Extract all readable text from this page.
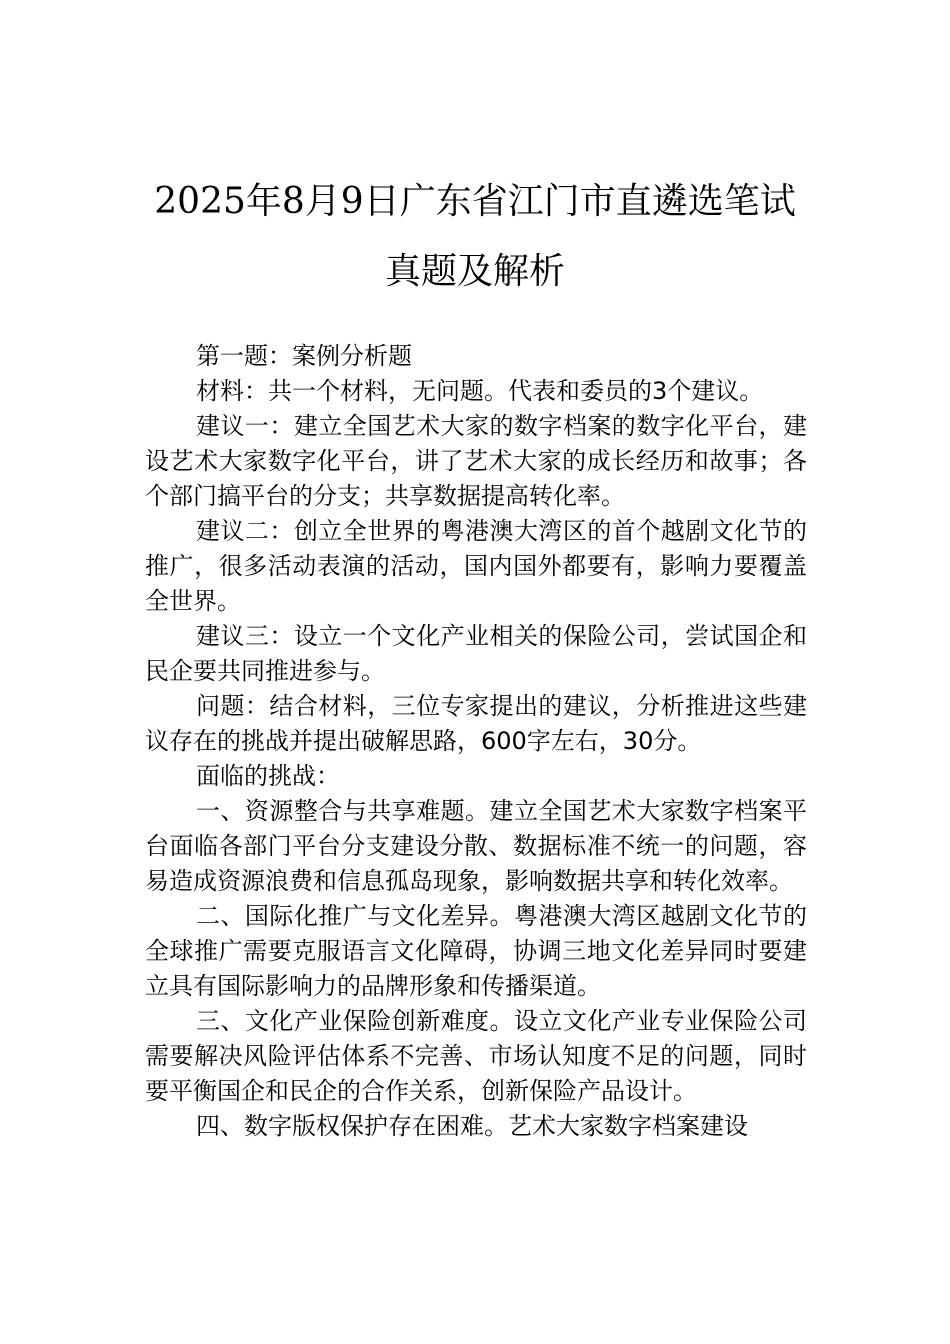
2025年8月9日广东省江门市直遴选笔试
真题及解析

第一题：案例分析题

材料：共一个材料，无问题。代表和委员的3个建议。

建议一：建立全国艺术大家的数字档案的数字化平台，建设艺术大家数字化平台，讲了艺术大家的成长经历和故事；各个部门搞平台的分支；共享数据提高转化率。

建议二：创立全世界的粤港澳大湾区的首个越剧文化节的推广，很多活动表演的活动，国内国外都要有，影响力要覆盖全世界。

建议三：设立一个文化产业相关的保险公司，尝试国企和民企要共同推进参与。

问题：结合材料，三位专家提出的建议，分析推进这些建议存在的挑战并提出破解思路，600字左右，30分。

面临的挑战：

一、资源整合与共享难题。建立全国艺术大家数字档案平台面临各部门平台分支建设分散、数据标准不统一的问题，容易造成资源浪费和信息孤岛现象，影响数据共享和转化效率。

二、国际化推广与文化差异。粤港澳大湾区越剧文化节的全球推广需要克服语言文化障碍，协调三地文化差异同时要建立具有国际影响力的品牌形象和传播渠道。

三、文化产业保险创新难度。设立文化产业专业保险公司需要解决风险评估体系不完善、市场认知度不足的问题，同时要平衡国企和民企的合作关系，创新保险产品设计。

四、数字版权保护存在困难。艺术大家数字档案建设
